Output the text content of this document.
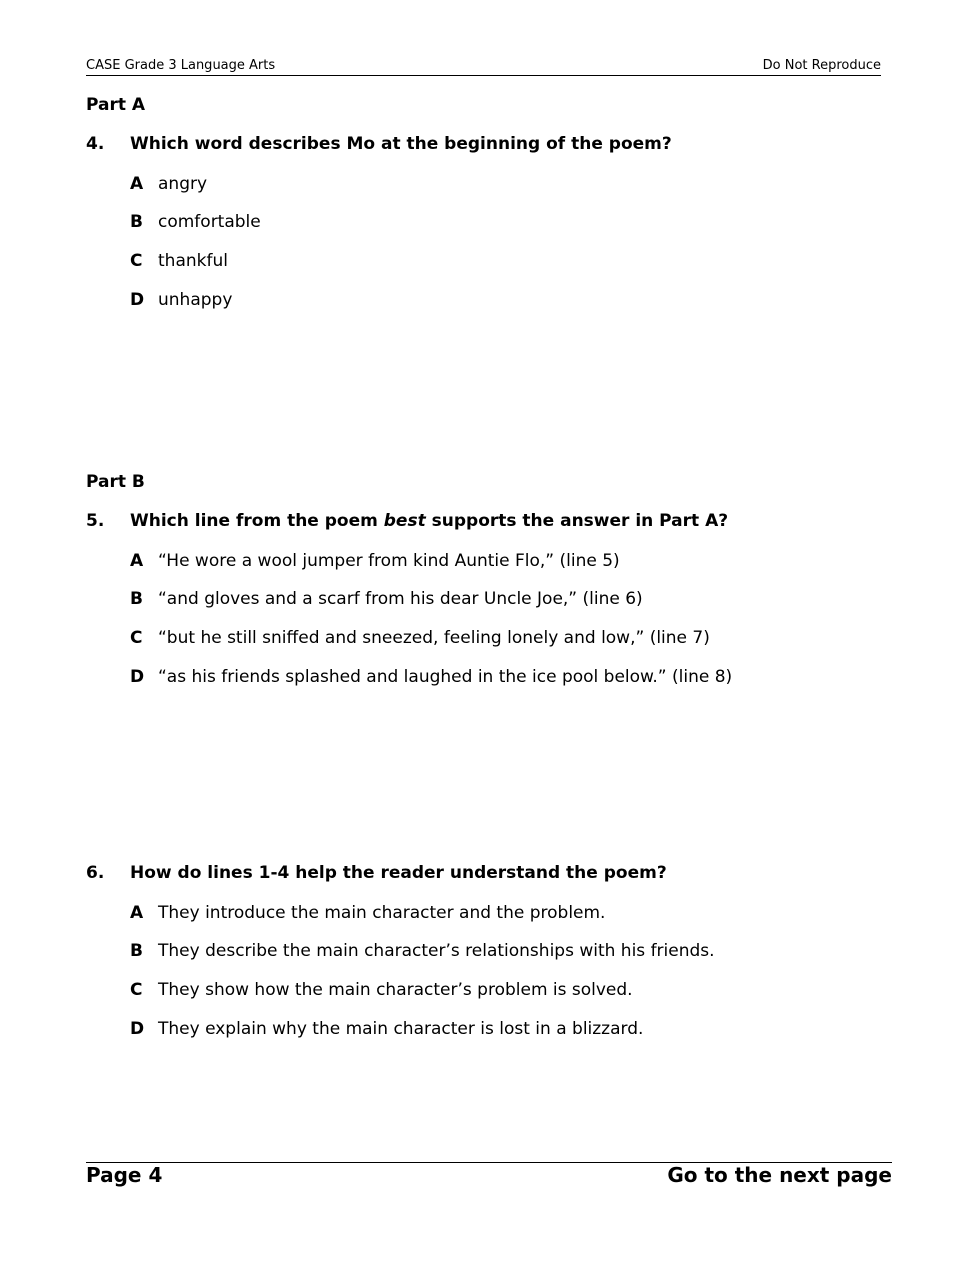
CASE Grade 3 Language Arts	Do Not Reproduce
Part A
4. Which word describes Mo at the beginning of the poem?
A angry
B comfortable
C thankful
D unhappy
Part B
5. Which line from the poem best supports the answer in Part A?
A “He wore a wool jumper from kind Auntie Flo,” (line 5)
B “and gloves and a scarf from his dear Uncle Joe,” (line 6)
C “but he still sniffed and sneezed, feeling lonely and low,” (line 7)
D “as his friends splashed and laughed in the ice pool below.” (line 8)
6. How do lines 1-4 help the reader understand the poem?
A They introduce the main character and the problem.
B They describe the main character’s relationships with his friends.
C They show how the main character’s problem is solved.
D They explain why the main character is lost in a blizzard.
Page 4	Go to the next page
